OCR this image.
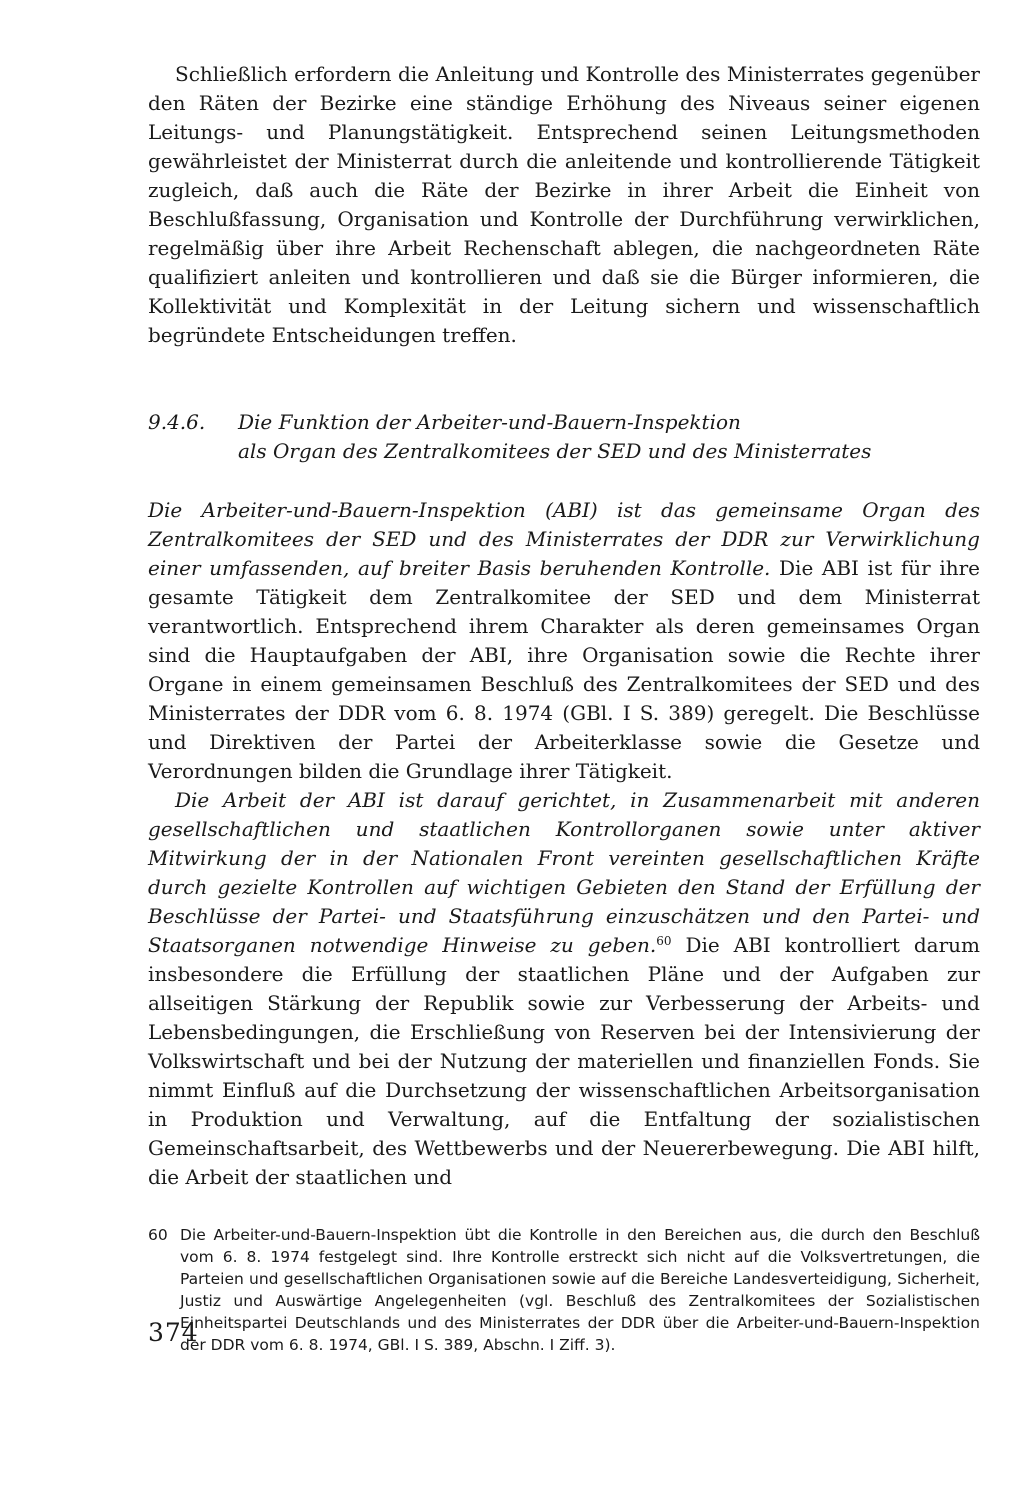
Schließlich erfordern die Anleitung und Kontrolle des Ministerrates gegenüber den Räten der Bezirke eine ständige Erhöhung des Niveaus seiner eigenen Leitungs- und Planungstätigkeit. Entsprechend seinen Leitungsmethoden gewährleistet der Ministerrat durch die anleitende und kontrollierende Tätigkeit zugleich, daß auch die Räte der Bezirke in ihrer Arbeit die Einheit von Beschlußfassung, Organisation und Kontrolle der Durchführung verwirklichen, regelmäßig über ihre Arbeit Rechenschaft ablegen, die nachgeordneten Räte qualifiziert anleiten und kontrollieren und daß sie die Bürger informieren, die Kollektivität und Komplexität in der Leitung sichern und wissenschaftlich begründete Entscheidungen treffen.

9.4.6.	Die Funktion der Arbeiter-und-Bauern-Inspektion
als Organ des Zentralkomitees der SED und des Ministerrates

Die Arbeiter-und-Bauern-Inspektion (ABI) ist das gemeinsame Organ des Zentralkomitees der SED und des Ministerrates der DDR zur Verwirklichung einer umfassenden, auf breiter Basis beruhenden Kontrolle. Die ABI ist für ihre gesamte Tätigkeit dem Zentralkomitee der SED und dem Ministerrat verantwortlich. Entsprechend ihrem Charakter als deren gemeinsames Organ sind die Hauptaufgaben der ABI, ihre Organisation sowie die Rechte ihrer Organe in einem gemeinsamen Beschluß des Zentralkomitees der SED und des Ministerrates der DDR vom 6. 8. 1974 (GBl. I S. 389) geregelt. Die Beschlüsse und Direktiven der Partei der Arbeiterklasse sowie die Gesetze und Verordnungen bilden die Grundlage ihrer Tätigkeit.

Die Arbeit der ABI ist darauf gerichtet, in Zusammenarbeit mit anderen gesellschaftlichen und staatlichen Kontrollorganen sowie unter aktiver Mitwirkung der in der Nationalen Front vereinten gesellschaftlichen Kräfte durch gezielte Kontrollen auf wichtigen Gebieten den Stand der Erfüllung der Beschlüsse der Partei- und Staatsführung einzuschätzen und den Partei- und Staatsorganen notwendige Hinweise zu geben.$^{60}$ Die ABI kontrolliert darum insbesondere die Erfüllung der staatlichen Pläne und der Aufgaben zur allseitigen Stärkung der Republik sowie zur Verbesserung der Arbeits- und Lebensbedingungen, die Erschließung von Reserven bei der Intensivierung der Volkswirtschaft und bei der Nutzung der materiellen und finanziellen Fonds. Sie nimmt Einfluß auf die Durchsetzung der wissenschaftlichen Arbeitsorganisation in Produktion und Verwaltung, auf die Entfaltung der sozialistischen Gemeinschaftsarbeit, des Wettbewerbs und der Neuererbewegung. Die ABI hilft, die Arbeit der staatlichen und

60 Die Arbeiter-und-Bauern-Inspektion übt die Kontrolle in den Bereichen aus, die durch den Beschluß vom 6. 8. 1974 festgelegt sind. Ihre Kontrolle erstreckt sich nicht auf die Volksvertretungen, die Parteien und gesellschaftlichen Organisationen sowie auf die Bereiche Landesverteidigung, Sicherheit, Justiz und Auswärtige Angelegenheiten (vgl. Beschluß des Zentralkomitees der Sozialistischen Einheitspartei Deutschlands und des Ministerrates der DDR über die Arbeiter-und-Bauern-Inspektion der DDR vom 6. 8. 1974, GBl. I S. 389, Abschn. I Ziff. 3).
374
